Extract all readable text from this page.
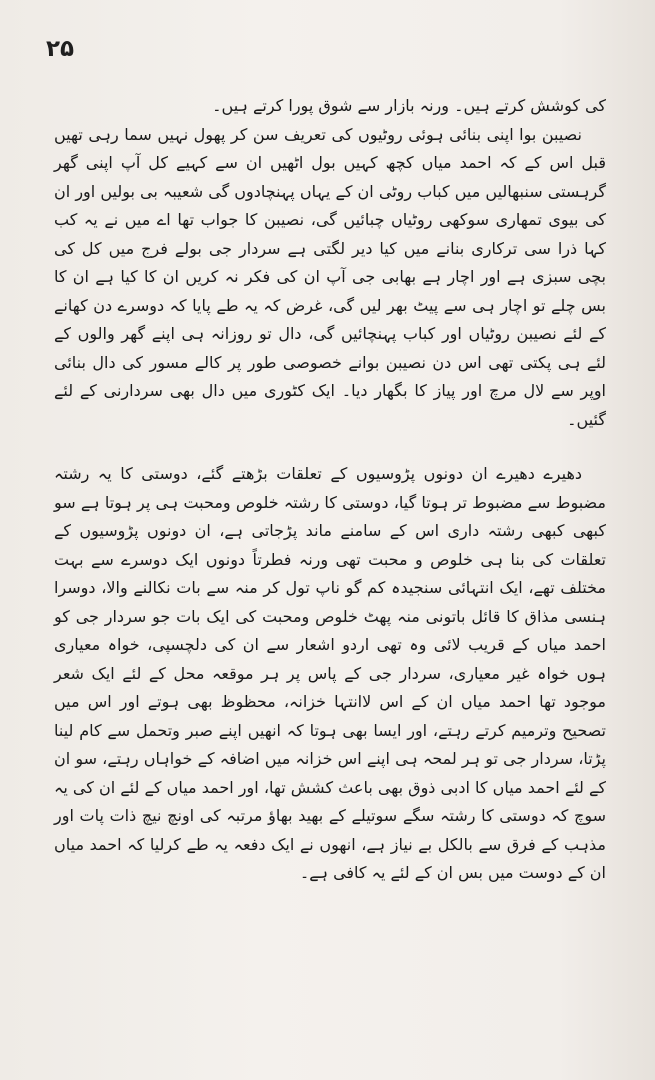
۲۵

کی کوشش کرتے ہیں۔ ورنہ بازار سے شوق پورا کرتے ہیں۔

نصیبن بوا اپنی بنائی ہوئی روٹیوں کی تعریف سن کر پھول نہیں سما رہی تھیں قبل اس کے کہ احمد میاں کچھ کہیں بول اٹھیں ان سے کہیے کل آپ اپنی گھر گرہستی سنبھالیں میں کباب روٹی ان کے یہاں پہنچادوں گی شعیبہ بی بولیں اور ان کی بیوی تمھاری سوکھی روٹیاں چبائیں گی، نصیبن کا جواب تھا اے میں نے یہ کب کہا ذرا سی ترکاری بنانے میں کیا دیر لگتی ہے سردار جی بولے فرج میں کل کی بچی سبزی ہے اور اچار ہے بھابی جی آپ ان کی فکر نہ کریں ان کا کیا ہے ان کا بس چلے تو اچار ہی سے پیٹ بھر لیں گی، غرض کہ یہ طے پایا کہ دوسرے دن کھانے کے لئے نصیبن روٹیاں اور کباب پہنچائیں گی، دال تو روزانہ ہی اپنے گھر والوں کے لئے ہی پکتی تھی اس دن نصیبن بوانے خصوصی طور پر کالے مسور کی دال بنائی اوپر سے لال مرچ اور پیاز کا بگھار دیا۔ ایک کٹوری میں دال بھی سردارنی کے لئے گئیں۔

دھیرے دھیرے ان دونوں پڑوسیوں کے تعلقات بڑھتے گئے، دوستی کا یہ رشتہ مضبوط سے مضبوط تر ہوتا گیا، دوستی کا رشتہ خلوص ومحبت ہی پر ہوتا ہے سو کبھی کبھی رشتہ داری اس کے سامنے ماند پڑجاتی ہے، ان دونوں پڑوسیوں کے تعلقات کی بنا ہی خلوص و محبت تھی ورنہ فطرتاً دونوں ایک دوسرے سے بہت مختلف تھے، ایک انتہائی سنجیدہ کم گو ناپ تول کر منہ سے بات نکالنے والا، دوسرا ہنسی مذاق کا قائل باتونی منہ پھٹ خلوص ومحبت کی ایک بات جو سردار جی کو احمد میاں کے قریب لائی وہ تھی اردو اشعار سے ان کی دلچسپی، خواہ معیاری ہوں خواہ غیر معیاری، سردار جی کے پاس پر ہر موقعہ محل کے لئے ایک شعر موجود تھا احمد میاں ان کے اس لاانتہا خزانہ، محظوظ بھی ہوتے اور اس میں تصحیح وترمیم کرتے رہتے، اور ایسا بھی ہوتا کہ انھیں اپنے صبر وتحمل سے کام لینا پڑتا، سردار جی تو ہر لمحہ ہی اپنے اس خزانہ میں اضافہ کے خواہاں رہتے، سو ان کے لئے احمد میاں کا ادبی ذوق بھی باعث کشش تھا، اور احمد میاں کے لئے ان کی یہ سوچ کہ دوستی کا رشتہ سگے سوتیلے کے بھید بھاؤ مرتبہ کی اونچ نیچ ذات پات اور مذہب کے فرق سے بالکل بے نیاز ہے، انھوں نے ایک دفعہ یہ طے کرلیا کہ احمد میاں ان کے دوست میں بس ان کے لئے یہ کافی ہے۔
